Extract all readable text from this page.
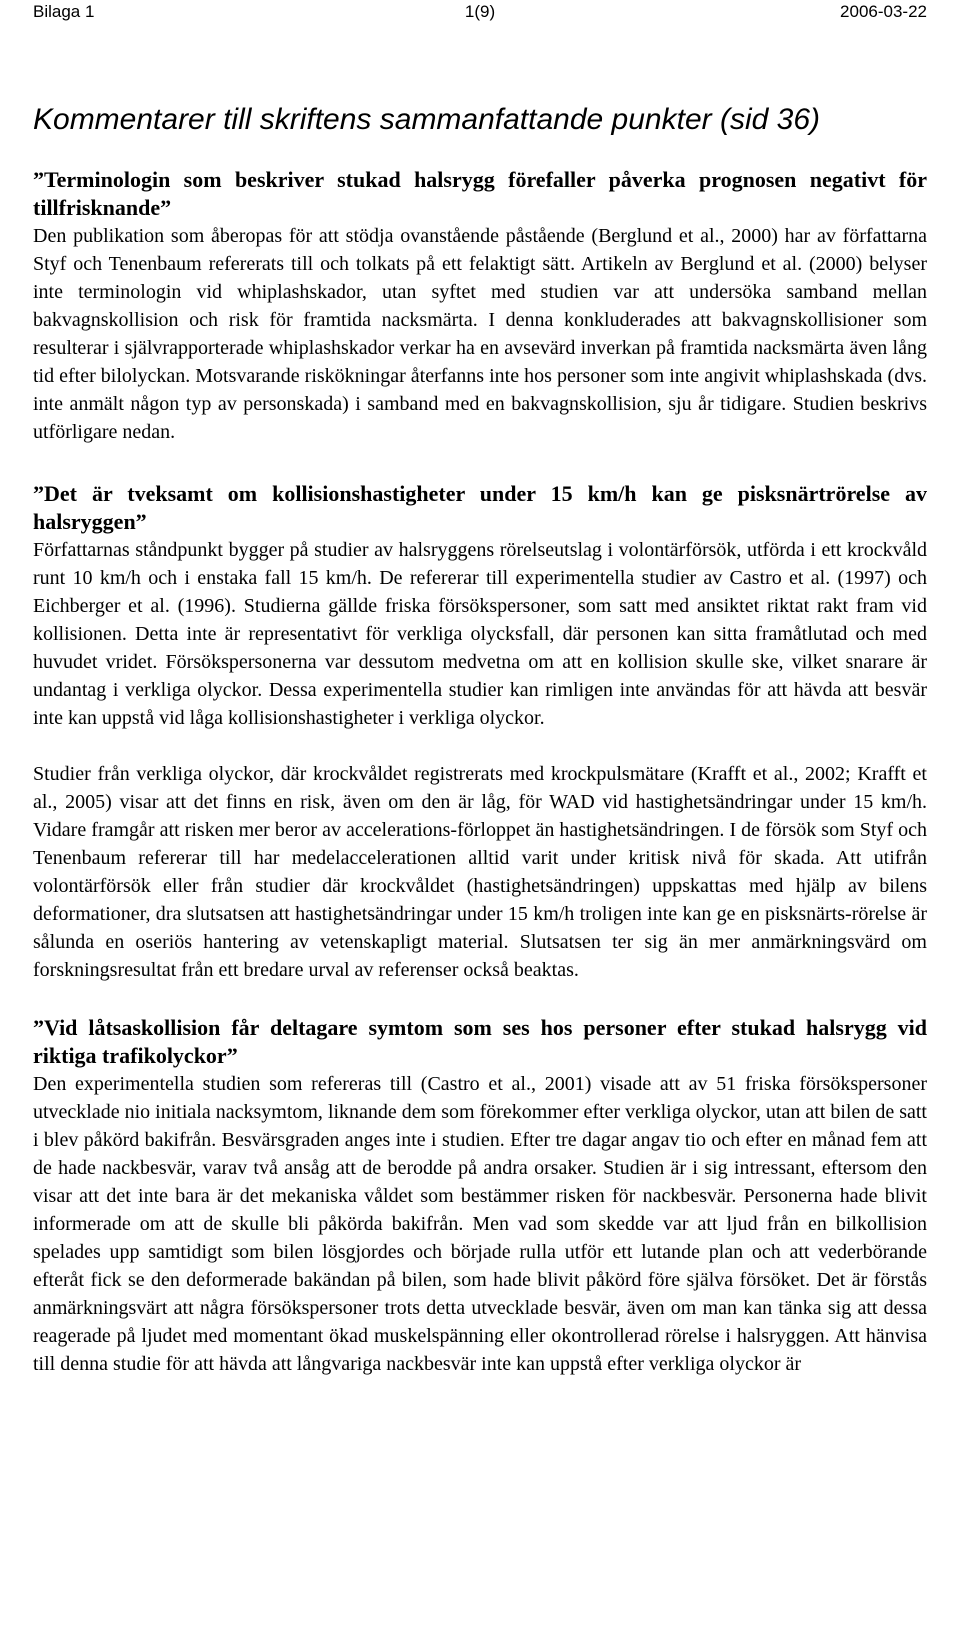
Bilaga 1	1(9)	2006-03-22
Kommentarer till skriftens sammanfattande punkter (sid 36)

”Terminologin som beskriver stukad halsrygg förefaller påverka prognosen negativt för tillfrisknande”

Den publikation som åberopas för att stödja ovanstående påstående (Berglund et al., 2000) har av författarna Styf och Tenenbaum refererats till och tolkats på ett felaktigt sätt. Artikeln av Berglund et al. (2000) belyser inte terminologin vid whiplashskador, utan syftet med studien var att undersöka samband mellan bakvagnskollision och risk för framtida nacksmärta. I denna konkluderades att bakvagnskollisioner som resulterar i självrapporterade whiplashskador verkar ha en avsevärd inverkan på framtida nacksmärta även lång tid efter bilolyckan. Motsvarande riskökningar återfanns inte hos personer som inte angivit whiplashskada (dvs. inte anmält någon typ av personskada) i samband med en bakvagnskollision, sju år tidigare. Studien beskrivs utförligare nedan.

”Det är tveksamt om kollisionshastigheter under 15 km/h kan ge pisksnärtrörelse av halsryggen”

Författarnas ståndpunkt bygger på studier av halsryggens rörelseutslag i volontärförsök, utförda i ett krockvåld runt 10 km/h och i enstaka fall 15 km/h. De refererar till experimentella studier av Castro et al. (1997) och Eichberger et al. (1996). Studierna gällde friska försökspersoner, som satt med ansiktet riktat rakt fram vid kollisionen. Detta inte är representativt för verkliga olycksfall, där personen kan sitta framåtlutad och med huvudet vridet. Försökspersonerna var dessutom medvetna om att en kollision skulle ske, vilket snarare är undantag i verkliga olyckor. Dessa experimentella studier kan rimligen inte användas för att hävda att besvär inte kan uppstå vid låga kollisionshastigheter i verkliga olyckor.

Studier från verkliga olyckor, där krockvåldet registrerats med krockpulsmätare (Krafft et al., 2002; Krafft et al., 2005) visar att det finns en risk, även om den är låg, för WAD vid hastighetsändringar under 15 km/h. Vidare framgår att risken mer beror av accelerations-förloppet än hastighetsändringen. I de försök som Styf och Tenenbaum refererar till har medelaccelerationen alltid varit under kritisk nivå för skada. Att utifrån volontärförsök eller från studier där krockvåldet (hastighetsändringen) uppskattas med hjälp av bilens deformationer, dra slutsatsen att hastighetsändringar under 15 km/h troligen inte kan ge en pisksnärts-rörelse är sålunda en oseriös hantering av vetenskapligt material. Slutsatsen ter sig än mer anmärkningsvärd om forskningsresultat från ett bredare urval av referenser också beaktas.

”Vid låtsaskollision får deltagare symtom som ses hos personer efter stukad halsrygg vid riktiga trafikolyckor”

Den experimentella studien som refereras till (Castro et al., 2001) visade att av 51 friska försökspersoner utvecklade nio initiala nacksymtom, liknande dem som förekommer efter verkliga olyckor, utan att bilen de satt i blev påkörd bakifrån. Besvärsgraden anges inte i studien. Efter tre dagar angav tio och efter en månad fem att de hade nackbesvär, varav två ansåg att de berodde på andra orsaker. Studien är i sig intressant, eftersom den visar att det inte bara är det mekaniska våldet som bestämmer risken för nackbesvär. Personerna hade blivit informerade om att de skulle bli påkörda bakifrån. Men vad som skedde var att ljud från en bilkollision spelades upp samtidigt som bilen lösgjordes och började rulla utför ett lutande plan och att vederbörande efteråt fick se den deformerade bakändan på bilen, som hade blivit påkörd före själva försöket. Det är förstås anmärkningsvärt att några försökspersoner trots detta utvecklade besvär, även om man kan tänka sig att dessa reagerade på ljudet med momentant ökad muskelspänning eller okontrollerad rörelse i halsryggen. Att hänvisa till denna studie för att hävda att långvariga nackbesvär inte kan uppstå efter verkliga olyckor är
